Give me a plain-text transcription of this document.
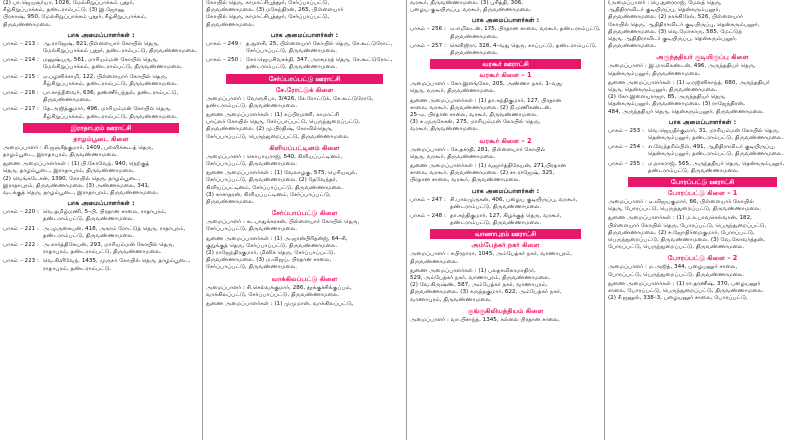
(2) பா.ஜெயசூர்யா, 1026, மேல்சிறுப்பாக்கம் புதூர்,
கீழ்சிறுப்பாக்கம், தண்டராம்பட்டு. (3) இ.ஜோனு
பிரகாஷ், 950, மேல்சிறுப்பாக்கம் புதூர், கீழ்சிறுப்பாக்கம்,
திருவண்ணாமலை.
பாக அமைப்பாளர்கள் :
பாகம் – 213 : ஆ.ராஜேஷ், 821,பிள்ளையார் கோயில் தெரு, மேல்சிறுப்பாக்கம் புதூர், தண்டராம்பட்டு, திருவண்ணாமலை.
பாகம் – 214 : மனுஷ்யரு, 561, மாரியம்மன் கோயில் தெரு, மேல்சிறுப்பாக்கம், தண்டராம்பட்டு, திருவண்ணாமலை.
பாகம் – 215 : ஏ.பழனிச்சாமி, 122, பிள்ளையார் கோயில் தெரு, கீழ்சிறுப்பாக்கம், தண்டராம்பட்டு, திருவண்ணாமலை.
பாகம் – 216 : பா.சாந்தீஸ்வர், 636, தண்ணீர்பந்தல், தண்டராம்பட்டு, திருவண்ணாமலை.
பாகம் – 217 : தே.அஜித்குமார், 496, மாரியம்மன் கோயில் தெரு, கீழ்சிறுப்பாக்கம், தண்டராம்பட்டு, திருவண்ணாமலை.
இராதாபுரம் ஊராட்சி
தாழம்பூடை கிளை
அமைப்பாளர் : சி.ஜஞ்சீத்குமார், 1409, பள்ளிக்கூடத் தெரு,
தாழம்பூடை, இராதாபுரம், திருவண்ணாமலை.
துணை அமைப்பாளர்கள் : (1) பி.கோவேந், 940, நெற்குத்
தெரு, தாழம்பூடை, இராதாபுரம், திருவண்ணாமலை.
(2) வெங்கடேசன், 1390, கோயில் தெரு, தாழம்பூடை,
இராதாபுரம், திருவண்ணாமலை. (3) அண்ணாமலை, 341,
வடக்குத் தெரு, தாழம்பூடை, இராதாபுரம், திருவண்ணாமலை.
பாக அமைப்பாளர்கள் :
பாகம் – 220 : வெ.தமிழ்மணி, 5–பி, பிரதான சாலை, ராதாபுரம், தண்டராம்பட்டு, திருவண்ணாமலை.
பாகம் – 221 : அ.முருகையன், 418, அகரம் ரோட்டுத் தெரு, ராதாபுரம், தண்டராம்பட்டு, திருவண்ணாமலை.
பாகம் – 222 : அ.கார்த்திகேயன், 293, மாரியம்மன் கோயில் தெரு, ராதாபுரம், தண்டராம்பட்டு, திருவண்ணாமலை.
பாகம் – 223 : வெ.கிளிவேந், 1435, முருகர் கோயில் தெரு, தாழம்பூடை, ராதாபுரம், தண்டராம்பட்டு.
கோயில் தெரு, காமாட்சிபுத்தூர், சேர்ப்பாப்பட்டு,
திருவண்ணாமலை. (3) மகேந்திரன், 265, பிள்ளையார்
கோயில் தெரு, காமாட்சிபுத்தூர், சேர்ப்பாப்பட்டு,
திருவண்ணாமலை.
பாக அமைப்பாளர்கள் :
பாகம் – 249 : த.துளசி, 25, பிள்ளையார் கோயில் தெரு, சே.கூட்டுரோட், சேர்ப்பாப்பட்டு, திருவண்ணாமலை.
பாகம் – 250 : கோ.ஜெயசிவசக்தி, 347, அரசமரத் தெரு, சே.கூட்டுரோட், தண்டராம்பட்டு, திருவண்ணாமலை.
சேர்ப்பாப்பட்டு ஊராட்சி
சே.ரோட்டுக் கிளை
அமைப்பாளர் : வேளுசிபா, 3/426, சே.ரோட்டுக், சே.கூட்டுரோடு,
தண்டராம்பட்டு, திருவண்ணாமலை.
துணை அமைப்பாளர்கள் : (1) சுப்பிரமணி, காமாட்சி
பாய்லர் கோயில் தெரு, சேர்ப்பாப்பட்டு, பெருந்துறைப்பட்டு,
திருவண்ணாமலை. (2) மு.பிரதிஷ், கோவில்தெரு,
சேர்ப்பாப்பட்டு, பெருந்துறைப்பட்டு, திருவண்ணாமலை.
கிளியப்பட்டினம் கிளை
அமைப்பாளர் : கொபாயராஜ், 540, கிளியப்பட்டினம்,
சேர்ப்பாப்பட்டு, திருவண்ணாமலை.
துணை அமைப்பாளர்கள் : (1) வேலாழகு, 575, பெரியவுல்,
சேர்ப்பாப்பட்டு, திருவண்ணாமலை. (2) தேவேந்தர்,
கிளியப்பட்டினம், சேர்ப்பாப்பட்டு, திருவண்ணாமலை.
(3) காசாதரன், கிளியப்பட்டினம், சேர்ப்பாப்பட்டு,
திருவண்ணாமலை.
சேர்ப்பாப்பட்டு கிளை
அமைப்பாளர் : கடபாதுக்கரசன், பிள்ளையார் கோயில் தெரு,
சேர்ப்பாப்பட்டு, திருவண்ணாமலை.
துணை அமைப்பாளர்கள் : (1) அ.ஜான்பிரிதன்ஜ், 64–சி,
குறுக்குத் தெரு, சேர்ப்பாப்பட்டு, திருவண்ணாமலை.
(2) ராஜேந்திரகுமார், மினிக் தெரு, சேர்ப்பாப்பட்டு,
திருவண்ணாமலை. (3) ம.விஜய், பிரதான சாலை,
சேர்ப்பாப்பட்டு, திருவண்ணாமலை.
வாக்கிலப்பட்டு கிளை
அமைப்பாளர் : சி.செல்வக்குமார், 286, தூக்குச்சிக்குப்பம்,
வாக்கிலப்பட்டு, சேர்ப்பாப்பட்டு, திருவண்ணாமலை.
துணை அமைப்பாளர்கள் : (1) முமுமான், வாக்கிலப்பட்டு,
வரகூர், திருவண்ணாமலை. (3) புசித்தி, 306,
பழைய குடியிருப்பு, வரகூர், திருவண்ணாமலை.
பாக அமைப்பாளர்கள் :
பாகம் – 256 : ஏ.எமிலடன், 175, பிரதான சாலை, வரகூர், தண்டராம்பட்டு, திருவண்ணாமலை.
பாகம் – 257 : செளிஜிரா, 328, 4–வது தெரு, காப்பட்டு, தண்டராம்பட்டு, திருவண்ணாமலை.
வரகூர் ஊராட்சி
வரகூர் கிளை – 1
அமைப்பாளர் : கோ.இளங்கோ, 205, அண்ணா நகர், 1–வது
தெரு, வரகூர், திருவண்ணாமலை.
துணை அமைப்பாளர்கள் : (1) தா.சுந்திகுமார், 127, பிரதான
சாலை, வரகூர், திருவண்ணாமலை. (2) நி.மணிகண்டன்,
25–ஏ, பிரதான சாலை, வரகூர், திருவண்ணாமலை.
(3) சு.முருகேசன், 275, மாரியம்மன் கோயில் தெரு,
வரகூர், திருவண்ணாமலை.
வரகூர் கிளை – 2
அமைப்பாளர் : சே.தசரதி, 281, பிள்ளையார் கோயில்
தெரு, வரகூர், திருவண்ணாமலை.
துணை அமைப்பாளர்கள் : (1) வஜார்த்திகேயன், 271,பிரதான
சாலை, வரகூர், திருவண்ணாமலை. (2) சா.ராஜேஷ், 325,
பிரதான சாலை, வரகூர், திருவண்ணாமலை.
பாக அமைப்பாளர்கள் :
பாகம் – 247 : சி.பாலமுருகன், 406, பழைய குடியிருப்பு, வரகூர், தண்டராம்பட்டு, திருவண்ணாமலை.
பாகம் – 248 : தா.சுந்திகுமார், 127, கிழக்குத் தெரு, வரகூர், தண்டராம்பட்டு, திருவண்ணாமலை.
வாணாபுரம் ஊராட்சி
அம்பேத்கர் நகர் கிளை
அமைப்பாளர் : சுபிரநாரா, 1045, அம்பேத்கர் நகர், வாணாபுரம்,
திருவண்ணாமலை.
துணை அமைப்பாளர்கள் : (1) பலதாவிகாமாதிரர்,
529, அம்பேத்கர் நகர், வாணாபுரம், திருவண்ணாமலை.
(2) வே.கிருஷ்ண், 587, அம்பேத்கர் நகர், வாணாபுரம்,
திருவண்ணாமலை. (3) சுருந்தகுமார், 622, அம்பேத்கர் நகர்,
வாணாபுரம், திருவண்ணாமலை.
குங்குகிலியத்தியம் கிளை
அமைப்பாளர் : வா.பிசாந்த், 1345, கல்லை பிரதான சாலை,
(அமைப்பாளர் : பெ.துரைராஜ், மேலத் தெரு,
ஆதிதிராவிடர் குடியிருப்பு, தென்கரும்பலூர்,
திருவண்ணாமலை. (2) காக்கிரேல், 526, பிள்ளையார்
கோயில் தெரு, ஆதிதிராவிடர் குடியிருப்பு, தென்கரும்பலூர்,
திருவண்ணாமலை. (3) வெ.மோகாரு, 585, மேட்டுத்
தெரு, ஆதிதிராவிடர் குடியிருப்பு, தென்கரும்பலூர்,
திருவண்ணாமலை.
அருந்ததியர் குடியிருப்பு கிளை
அமைப்பாளர் : இ.மாவிகண்டன், 496, அருந்ததியர் தெரு,
தென்கரும்பலூர், திருவண்ணாமலை.
துணை அமைப்பாளர்கள் : (1) ஏ.ரஜினிகாந்த், 680, அருந்ததியர்
தெரு, தென்கரும்பலூர், திருவண்ணாமலை.
(2) கோ.இளையராஜா, 85, அருந்ததியர் தெரு,
தென்கரும்பலூர், திருவண்ணாமலை. (3) ராஜேந்திரன்,
484, அருந்ததியர் தெரு, தென்கரும்பலூர், திருவண்ணாமலை.
பாக அமைப்பாளர்கள் :
பாகம் – 253 : வெ.ஜெயதீர்குமார், 31, மாரியம்மன் கோயில் தெரு, தென்கரும்பலூர், தண்டராம்பட்டு, திருவண்ணாமலை.
பாகம் – 254 : எ.வேந்தரிம்பிள், 491, ஆதிதிராவிடர் குடியிருப்பு, தென்கரும்பலூர், தண்டராம்பட்டு, திருவண்ணாமலை.
பாகம் – 255 : ம.நாகராஜ், 565, அருந்ததியர் தெரு, தென்கரும்பலூர், தண்டராம்பட்டு, திருவண்ணாமலை.
போரப்பட்டு ஊராட்சி
போரப்பட்டு கிளை – 1
அமைப்பாளர் : ஏ.விஜயகுமார், 66, பிள்ளையார் கோயில்
தெரு, போரப்பட்டு, பெருந்துறைப்பட்டு, திருவண்ணாமலை.
துணை அமைப்பாளர்கள் : (1) ம.க.பாவசெல்வான், 182,
பிள்ளையார் கோயில் தெரு, போரப்பட்டு, பெருந்துறைப்பட்டு,
திருவண்ணாமலை. (2) சு.ஜோதிர்மைகுமார், போரப்பட்டு,
பெருந்துறைப்பட்டு, திருவண்ணாமலை. (3) வே.கோவர்த்தன்,
போரப்பட்டு, பெருந்துறைப்பட்டு, திருவண்ணாமலை.
போரப்பட்டு கிளை – 2
அமைப்பாளர் : ம.அஜித், 344, பழையனூர் சாலை,
போரப்பட்டு, பெருந்துறைப்பட்டு, திருவண்ணாமலை.
துணை அமைப்பாளர்கள் : (1) ரா.தரணீஷ், 370, பழையனூர்
சாலை, போரப்பட்டு, பெருந்துறைப்பட்டு, திருவண்ணாமலை.
(2) சீ.ஜனூல், 338–3, பழையனூர் சாலை, போரப்பட்டு,
